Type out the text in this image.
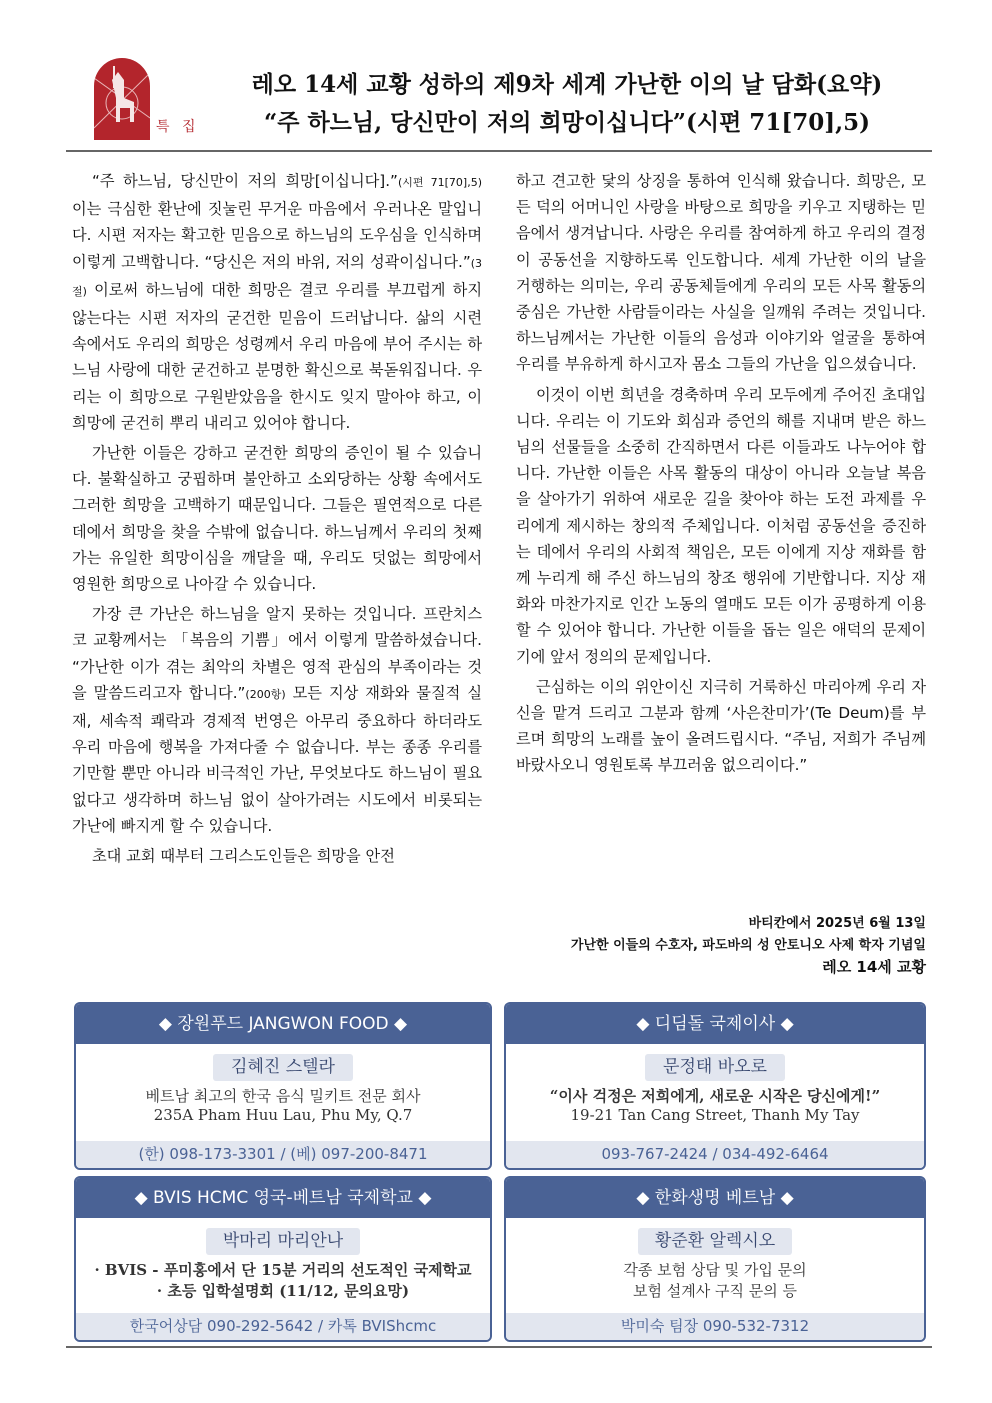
특 집
레오 14세 교황 성하의 제9차 세계 가난한 이의 날 담화(요약)
“주 하느님, 당신만이 저의 희망이십니다”(시편 71[70],5)

“주 하느님, 당신만이 저의 희망[이십니다].”(시편 71[70],5) 이는 극심한 환난에 짓눌린 무거운 마음에서 우러나온 말입니다. 시편 저자는 확고한 믿음으로 하느님의 도우심을 인식하며 이렇게 고백합니다. “당신은 저의 바위, 저의 성곽이십니다.”(3절) 이로써 하느님에 대한 희망은 결코 우리를 부끄럽게 하지 않는다는 시편 저자의 굳건한 믿음이 드러납니다. 삶의 시련 속에서도 우리의 희망은 성령께서 우리 마음에 부어 주시는 하느님 사랑에 대한 굳건하고 분명한 확신으로 북돋워집니다. 우리는 이 희망으로 구원받았음을 한시도 잊지 말아야 하고, 이 희망에 굳건히 뿌리 내리고 있어야 합니다.

가난한 이들은 강하고 굳건한 희망의 증인이 될 수 있습니다. 불확실하고 궁핍하며 불안하고 소외당하는 상황 속에서도 그러한 희망을 고백하기 때문입니다. 그들은 필연적으로 다른 데에서 희망을 찾을 수밖에 없습니다. 하느님께서 우리의 첫째가는 유일한 희망이심을 깨달을 때, 우리도 덧없는 희망에서 영원한 희망으로 나아갈 수 있습니다.

가장 큰 가난은 하느님을 알지 못하는 것입니다. 프란치스코 교황께서는 「복음의 기쁨」에서 이렇게 말씀하셨습니다. “가난한 이가 겪는 최악의 차별은 영적 관심의 부족이라는 것을 말씀드리고자 합니다.”(200항) 모든 지상 재화와 물질적 실재, 세속적 쾌락과 경제적 번영은 아무리 중요하다 하더라도 우리 마음에 행복을 가져다줄 수 없습니다. 부는 종종 우리를 기만할 뿐만 아니라 비극적인 가난, 무엇보다도 하느님이 필요 없다고 생각하며 하느님 없이 살아가려는 시도에서 비롯되는 가난에 빠지게 할 수 있습니다.

초대 교회 때부터 그리스도인들은 희망을 안전

하고 견고한 닻의 상징을 통하여 인식해 왔습니다. 희망은, 모든 덕의 어머니인 사랑을 바탕으로 희망을 키우고 지탱하는 믿음에서 생겨납니다. 사랑은 우리를 참여하게 하고 우리의 결정이 공동선을 지향하도록 인도합니다. 세계 가난한 이의 날을 거행하는 의미는, 우리 공동체들에게 우리의 모든 사목 활동의 중심은 가난한 사람들이라는 사실을 일깨워 주려는 것입니다. 하느님께서는 가난한 이들의 음성과 이야기와 얼굴을 통하여 우리를 부유하게 하시고자 몸소 그들의 가난을 입으셨습니다.

이것이 이번 희년을 경축하며 우리 모두에게 주어진 초대입니다. 우리는 이 기도와 회심과 증언의 해를 지내며 받은 하느님의 선물들을 소중히 간직하면서 다른 이들과도 나누어야 합니다. 가난한 이들은 사목 활동의 대상이 아니라 오늘날 복음을 살아가기 위하여 새로운 길을 찾아야 하는 도전 과제를 우리에게 제시하는 창의적 주체입니다. 이처럼 공동선을 증진하는 데에서 우리의 사회적 책임은, 모든 이에게 지상 재화를 함께 누리게 해 주신 하느님의 창조 행위에 기반합니다. 지상 재화와 마찬가지로 인간 노동의 열매도 모든 이가 공평하게 이용할 수 있어야 합니다. 가난한 이들을 돕는 일은 애덕의 문제이기에 앞서 정의의 문제입니다.

근심하는 이의 위안이신 지극히 거룩하신 마리아께 우리 자신을 맡겨 드리고 그분과 함께 ‘사은찬미가’(Te Deum)를 부르며 희망의 노래를 높이 올려드립시다. “주님, 저희가 주님께 바랐사오니 영원토록 부끄러움 없으리이다.”

바티칸에서 2025년 6월 13일
가난한 이들의 수호자, 파도바의 성 안토니오 사제 학자 기념일
레오 14세 교황
◆ 장원푸드 JANGWON FOOD ◆
김혜진 스텔라
베트남 최고의 한국 음식 밀키트 전문 회사
235A Pham Huu Lau, Phu My, Q.7
(한) 098-173-3301 / (베) 097-200-8471
◆ 디딤돌 국제이사 ◆
문정태 바오로
“이사 걱정은 저희에게, 새로운 시작은 당신에게!”
19-21 Tan Cang Street, Thanh My Tay
093-767-2424 / 034-492-6464
◆ BVIS HCMC 영국-베트남 국제학교 ◆
박마리 마리안나
· BVIS - 푸미홍에서 단 15분 거리의 선도적인 국제학교
· 초등 입학설명회 (11/12, 문의요망)
한국어상담 090-292-5642 / 카톡 BVIShcmc
◆ 한화생명 베트남 ◆
황준환 알렉시오
각종 보험 상담 및 가입 문의
보험 설계사 구직 문의 등
박미숙 팀장 090-532-7312
